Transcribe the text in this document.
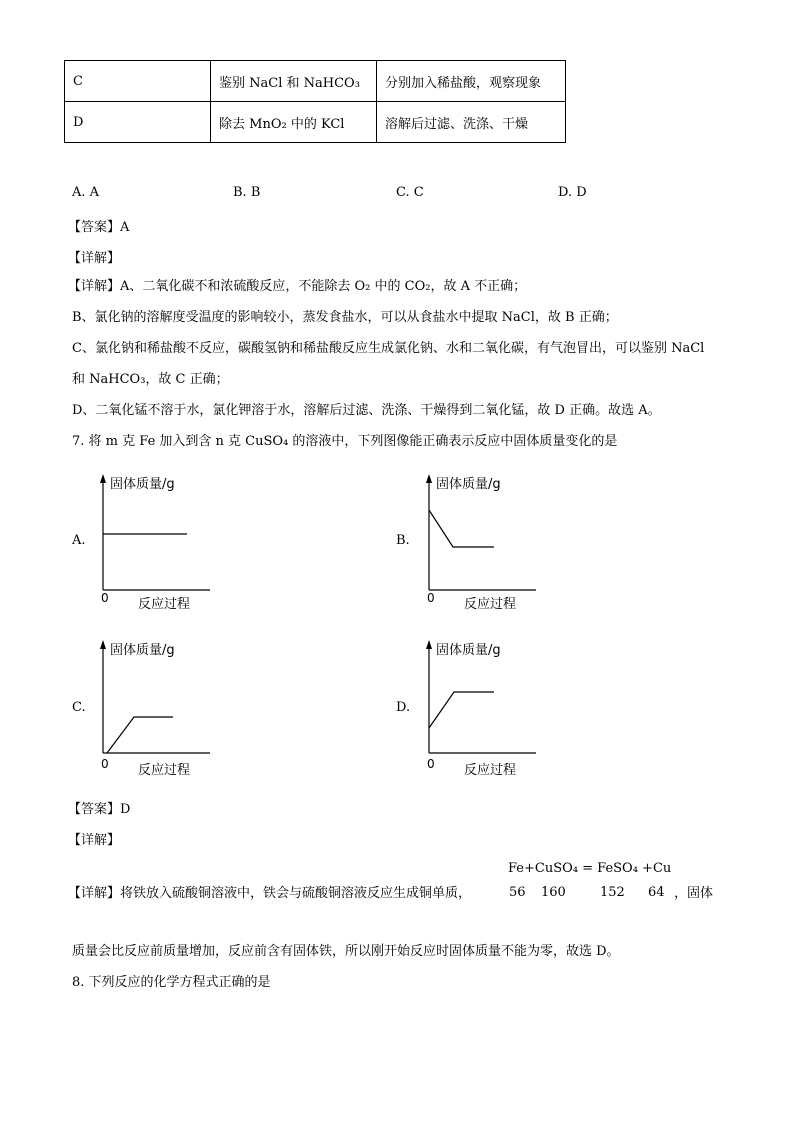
C	鉴别 NaCl 和 NaHCO₃	分别加入稀盐酸，观察现象
D	除去 MnO₂ 中的 KCl	溶解后过滤、洗涤、干燥
A. A	B. B	C. C	D. D
【答案】A
【详解】
【详解】A、二氧化碳不和浓硫酸反应，不能除去 O₂ 中的 CO₂，故 A 不正确；
B、氯化钠的溶解度受温度的影响较小，蒸发食盐水，可以从食盐水中提取 NaCl，故 B 正确；
C、氯化钠和稀盐酸不反应，碳酸氢钠和稀盐酸反应生成氯化钠、水和二氧化碳，有气泡冒出，可以鉴别 NaCl
和 NaHCO₃，故 C 正确；
D、二氧化锰不溶于水，氯化钾溶于水，溶解后过滤、洗涤、干燥得到二氧化锰，故 D 正确。故选 A。
7. 将 m 克 Fe 加入到含 n 克 CuSO₄ 的溶液中，下列图像能正确表示反应中固体质量变化的是
A.
固体质量/g
0 反应过程
B.
固体质量/g
0 反应过程
C.
固体质量/g
0 反应过程
D.
固体质量/g
0 反应过程
【答案】D
【详解】
Fe+CuSO₄ = FeSO₄ +Cu
【详解】将铁放入硫酸铜溶液中，铁会与硫酸铜溶液反应生成铜单质，	56 160	152 64 ，固体
质量会比反应前质量增加，反应前含有固体铁，所以刚开始反应时固体质量不能为零，故选 D。
8. 下列反应的化学方程式正确的是
